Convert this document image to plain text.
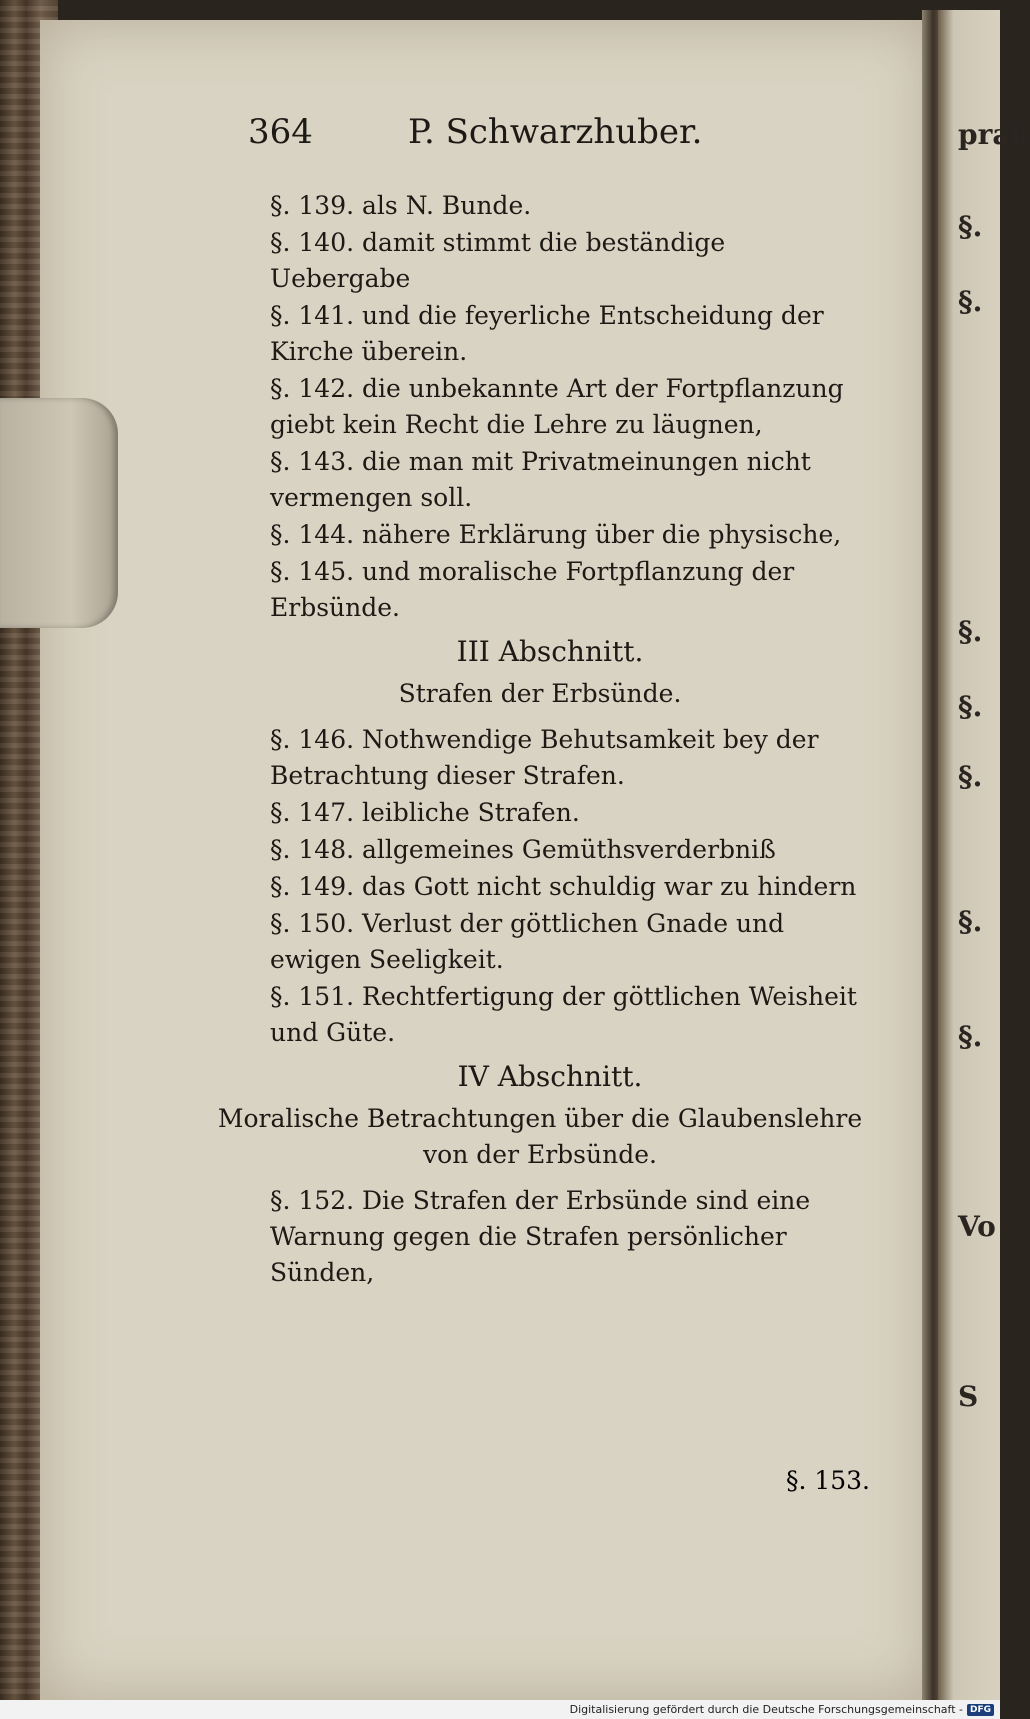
prak
§.
§.
§.
§.
§.
§.
§.
Vo
S
364	P. Schwarzhuber.
§. 139. als N. Bunde.
§. 140. damit stimmt die beständige Uebergabe
§. 141. und die feyerliche Entscheidung der Kirche überein.
§. 142. die unbekannte Art der Fortpflanzung giebt kein Recht die Lehre zu läugnen,
§. 143. die man mit Privatmeinungen nicht vermengen soll.
§. 144. nähere Erklärung über die physische,
§. 145. und moralische Fortpflanzung der Erbsünde.
III Abschnitt.
Strafen der Erbsünde.
§. 146. Nothwendige Behutsamkeit bey der Betrachtung dieser Strafen.
§. 147. leibliche Strafen.
§. 148. allgemeines Gemüthsverderbniß
§. 149. das Gott nicht schuldig war zu hindern
§. 150. Verlust der göttlichen Gnade und ewigen Seeligkeit.
§. 151. Rechtfertigung der göttlichen Weisheit und Güte.
IV Abschnitt.
Moralische Betrachtungen über die Glaubenslehre von der Erbsünde.
§. 152. Die Strafen der Erbsünde sind eine Warnung gegen die Strafen persönlicher Sünden,
§. 153.
Digitalisierung gefördert durch die Deutsche Forschungsgemeinschaft - DFG
